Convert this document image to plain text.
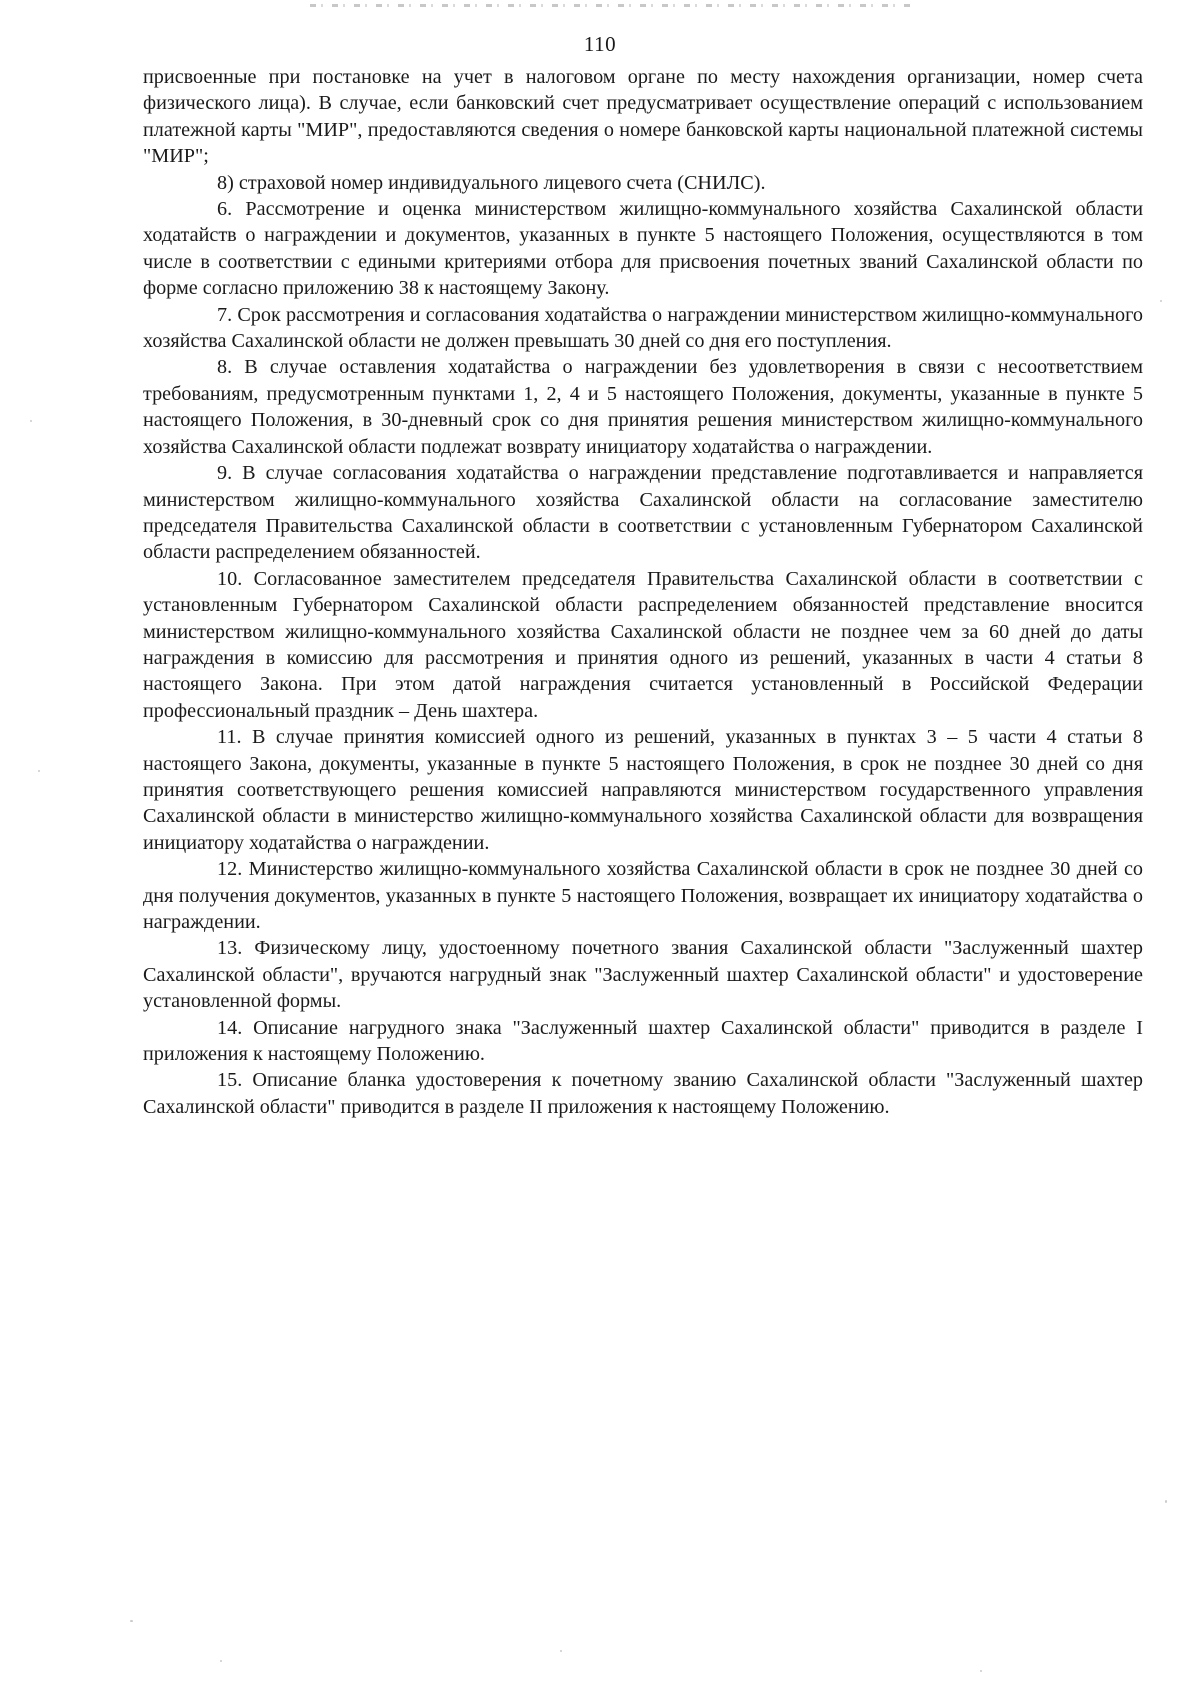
110

присвоенные при постановке на учет в налоговом органе по месту нахождения организации, номер счета физического лица). В случае, если банковский счет предусматривает осуществление операций с использованием платежной карты "МИР", предоставляются сведения о номере банковской карты национальной платежной системы "МИР";

8) страховой номер индивидуального лицевого счета (СНИЛС).

6. Рассмотрение и оценка министерством жилищно-коммунального хозяйства Сахалинской области ходатайств о награждении и документов, указанных в пункте 5 настоящего Положения, осуществляются в том числе в соответствии с едиными критериями отбора для присвоения почетных званий Сахалинской области по форме согласно приложению 38 к настоящему Закону.

7. Срок рассмотрения и согласования ходатайства о награждении министерством жилищно-коммунального хозяйства Сахалинской области не должен превышать 30 дней со дня его поступления.

8. В случае оставления ходатайства о награждении без удовлетворения в связи с несоответствием требованиям, предусмотренным пунктами 1, 2, 4 и 5 настоящего Положения, документы, указанные в пункте 5 настоящего Положения, в 30-дневный срок со дня принятия решения министерством жилищно-коммунального хозяйства Сахалинской области подлежат возврату инициатору ходатайства о награждении.

9. В случае согласования ходатайства о награждении представление подготавливается и направляется министерством жилищно-коммунального хозяйства Сахалинской области на согласование заместителю председателя Правительства Сахалинской области в соответствии с установленным Губернатором Сахалинской области распределением обязанностей.

10. Согласованное заместителем председателя Правительства Сахалинской области в соответствии с установленным Губернатором Сахалинской области распределением обязанностей представление вносится министерством жилищно-коммунального хозяйства Сахалинской области не позднее чем за 60 дней до даты награждения в комиссию для рассмотрения и принятия одного из решений, указанных в части 4 статьи 8 настоящего Закона. При этом датой награждения считается установленный в Российской Федерации профессиональный праздник – День шахтера.

11. В случае принятия комиссией одного из решений, указанных в пунктах 3 – 5 части 4 статьи 8 настоящего Закона, документы, указанные в пункте 5 настоящего Положения, в срок не позднее 30 дней со дня принятия соответствующего решения комиссией направляются министерством государственного управления Сахалинской области в министерство жилищно-коммунального хозяйства Сахалинской области для возвращения инициатору ходатайства о награждении.

12. Министерство жилищно-коммунального хозяйства Сахалинской области в срок не позднее 30 дней со дня получения документов, указанных в пункте 5 настоящего Положения, возвращает их инициатору ходатайства о награждении.

13. Физическому лицу, удостоенному почетного звания Сахалинской области "Заслуженный шахтер Сахалинской области", вручаются нагрудный знак "Заслуженный шахтер Сахалинской области" и удостоверение установленной формы.

14. Описание нагрудного знака "Заслуженный шахтер Сахалинской области" приводится в разделе I приложения к настоящему Положению.

15. Описание бланка удостоверения к почетному званию Сахалинской области "Заслуженный шахтер Сахалинской области" приводится в разделе II приложения к настоящему Положению.
